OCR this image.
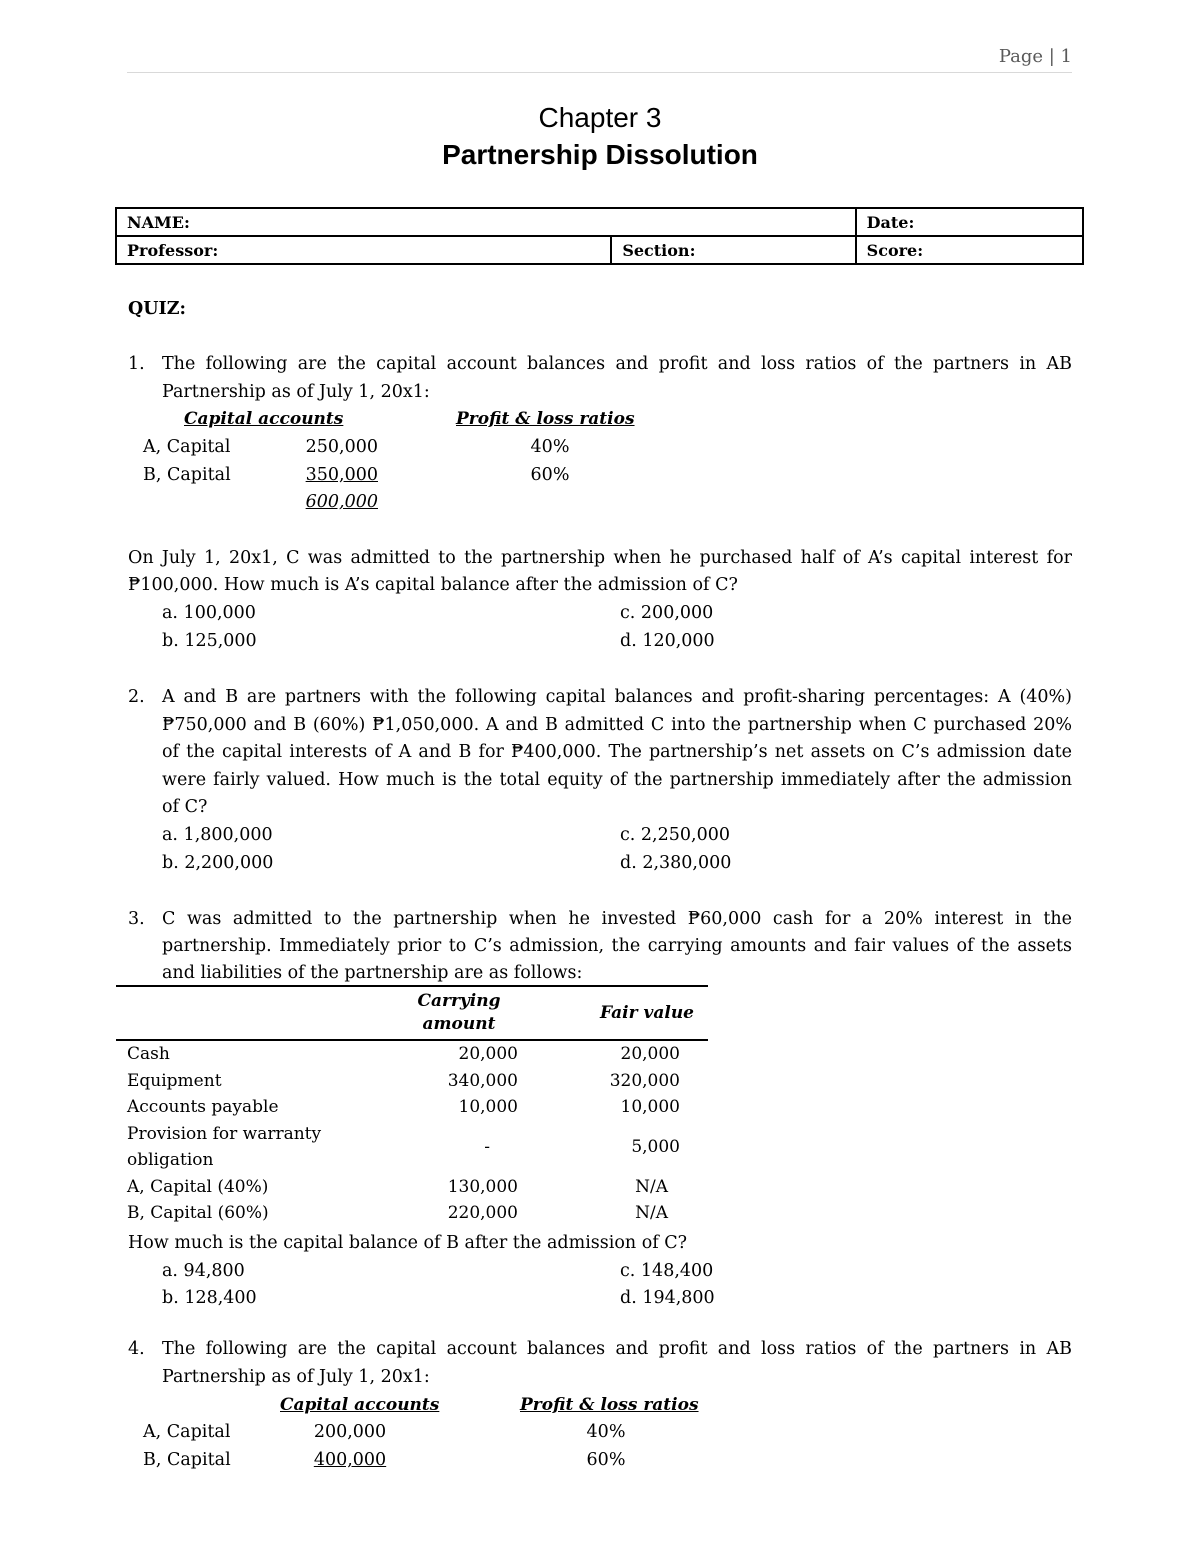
Page | 1
Chapter 3
Partnership Dissolution
NAME:		Date:
Professor:	Section:	Score:
QUIZ:
1. The following are the capital account balances and profit and loss ratios of the partners in AB
Partnership as of July 1, 20x1:
Capital accounts	Profit & loss ratios
A, Capital	250,000	40%
B, Capital	350,000	60%
600,000
On July 1, 20x1, C was admitted to the partnership when he purchased half of A’s capital interest for
₱100,000. How much is A’s capital balance after the admission of C?
a. 100,000
b. 125,000
c. 200,000
d. 120,000
2. A and B are partners with the following capital balances and profit-sharing percentages: A (40%)
₱750,000 and B (60%) ₱1,050,000. A and B admitted C into the partnership when C purchased 20%
of the capital interests of A and B for ₱400,000. The partnership’s net assets on C’s admission date
were fairly valued. How much is the total equity of the partnership immediately after the admission
of C?
a. 1,800,000
b. 2,200,000
c. 2,250,000
d. 2,380,000
3. C was admitted to the partnership when he invested ₱60,000 cash for a 20% interest in the
partnership. Immediately prior to C’s admission, the carrying amounts and fair values of the assets
and liabilities of the partnership are as follows:
	Carrying
amount	Fair value
Cash	20,000	20,000
Equipment	340,000	320,000
Accounts payable	10,000	10,000
Provision for warranty obligation	-	5,000
A, Capital (40%)	130,000	N/A
B, Capital (60%)	220,000	N/A
How much is the capital balance of B after the admission of C?
a. 94,800
b. 128,400
c. 148,400
d. 194,800
4. The following are the capital account balances and profit and loss ratios of the partners in AB
Partnership as of July 1, 20x1:
Capital accounts	Profit & loss ratios
A, Capital	200,000	40%
B, Capital	400,000	60%
